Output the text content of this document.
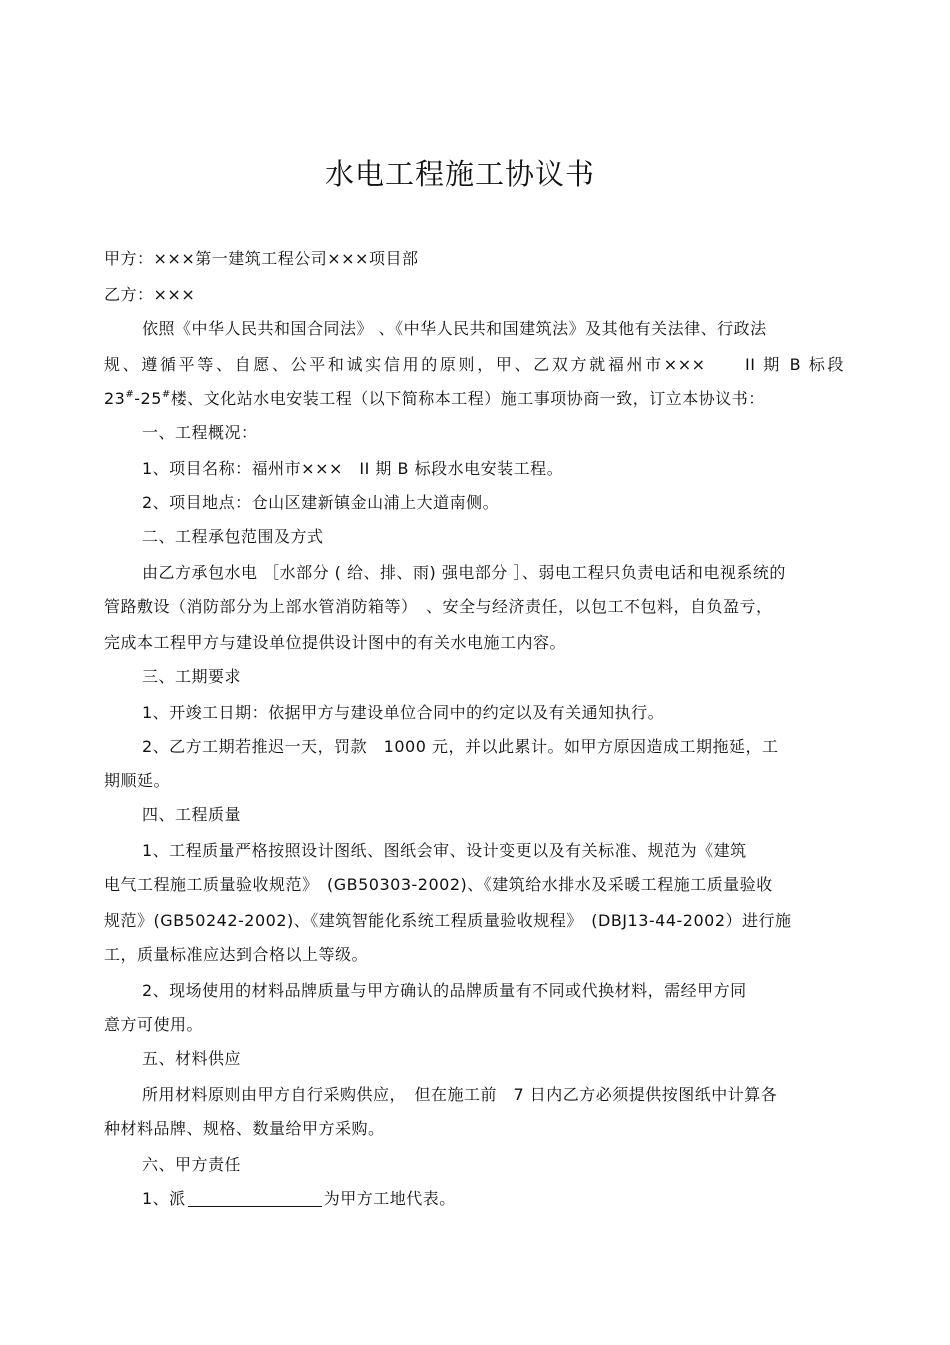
水电工程施工协议书
甲方：×××第一建筑工程公司×××项目部
乙方：×××
依照《中华人民共和国合同法》 、《中华人民共和国建筑法》及其他有关法律、行政法
规、遵循平等、自愿、公平和诚实信用的原则，甲、乙双方就福州市×××　　II 期 B 标段
23#-25#楼、文化站水电安装工程（以下简称本工程）施工事项协商一致，订立本协议书：
一、工程概况：
1、项目名称：福州市×××　II 期 B 标段水电安装工程。
2、项目地点：仓山区建新镇金山浦上大道南侧。
二、工程承包范围及方式
由乙方承包水电 ［水部分 ( 给、排、雨) 强电部分 ］、弱电工程只负责电话和电视系统的
管路敷设（消防部分为上部水管消防箱等）　、安全与经济责任，以包工不包料，自负盈亏，
完成本工程甲方与建设单位提供设计图中的有关水电施工内容。
三、工期要求
1、开竣工日期：依据甲方与建设单位合同中的约定以及有关通知执行。
2、乙方工期若推迟一天，罚款　1000 元，并以此累计。如甲方原因造成工期拖延，工
期顺延。
四、工程质量
1、工程质量严格按照设计图纸、图纸会审、设计变更以及有关标准、规范为《建筑
电气工程施工质量验收规范》　(GB50303-2002)、《建筑给水排水及采暖工程施工质量验收
规范》(GB50242-2002)、《建筑智能化系统工程质量验收规程》　(DBJ13-44-2002）进行施
工，质量标准应达到合格以上等级。
2、现场使用的材料品牌质量与甲方确认的品牌质量有不同或代换材料，需经甲方同
意方可使用。
五、材料供应
所用材料原则由甲方自行采购供应，　但在施工前　7 日内乙方必须提供按图纸中计算各
种材料品牌、规格、数量给甲方采购。
六、甲方责任
1、派	为甲方工地代表。
